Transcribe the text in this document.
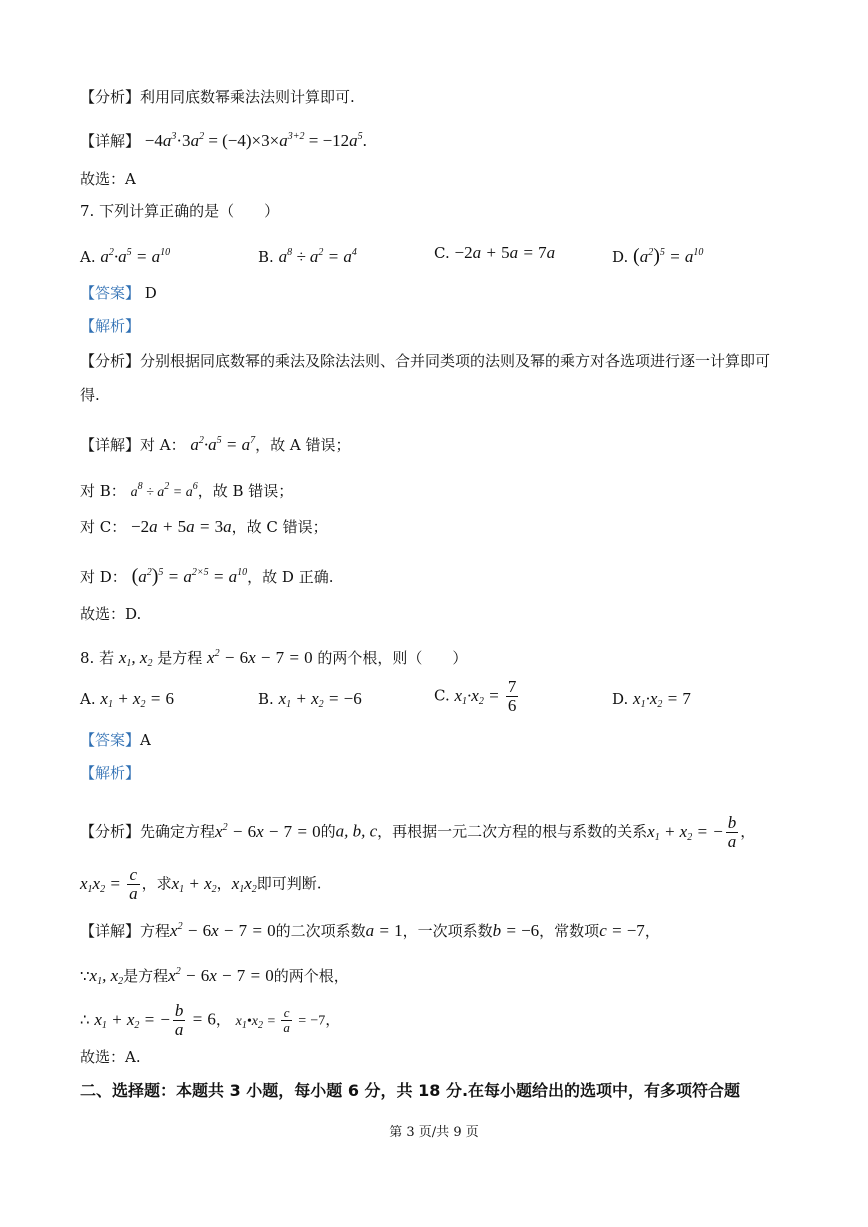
【分析】利用同底数幂乘法法则计算即可.
【详解】 $-4a^3\cdot 3a^2 = (-4)\times 3\times a^{3+2} = -12a^5$.
故选：A
7. 下列计算正确的是（　　）
A. $a^2\cdot a^5 = a^{10}$	B. $a^8 \div a^2 = a^4$	C. −2a + 5a = 7a	D. $(a^2)^5 = a^{10}$
【答案】 D
【解析】
【分析】分别根据同底数幂的乘法及除法法则、合并同类项的法则及幂的乘方对各选项进行逐一计算即可
得.
【详解】对 A： $a^2\cdot a^5 = a^7$，故 A 错误；
对 B： $a^8 \div a^2 = a^6$，故 B 错误；
对 C： −2a + 5a = 3a，故 C 错误；
对 D： $(a^2)^5 = a^{2\times 5} = a^{10}$，故 D 正确.
故选：D.
8. 若 $x_1$, $x_2$ 是方程 $x^2 - 6x - 7 = 0$ 的两个根，则（　　）
A. $x_1 + x_2 = 6$	B. $x_1 + x_2 = -6$	C. $x_1\cdot x_2 = \frac{7}{6}$	D. $x_1\cdot x_2 = 7$
【答案】A
【解析】
【分析】先确定方程$x^2 - 6x - 7 = 0$的a, b, c，再根据一元二次方程的根与系数的关系$x_1 + x_2$ = − $\frac{b}{a}$ ，
$x_1x_2 = \frac{c}{a}$ ，求$x_1 + x_2$，$x_1x_2$即可判断.
【详解】方程$x^2 - 6x - 7 = 0$的二次项系数a = 1，一次项系数b = −6，常数项c = −7，
$\because x_1$, $x_2$是方程$x^2 - 6x - 7 = 0$的两个根，
∴ $x_1 + x_2$ = − $\frac{b}{a} = 6$， $x_1•x_2 = \frac{c}{a} = -7$，
故选：A.
二、选择题：本题共 3 小题，每小题 6 分，共 18 分.在每小题给出的选项中，有多项符合题
第 3 页/共 9 页
